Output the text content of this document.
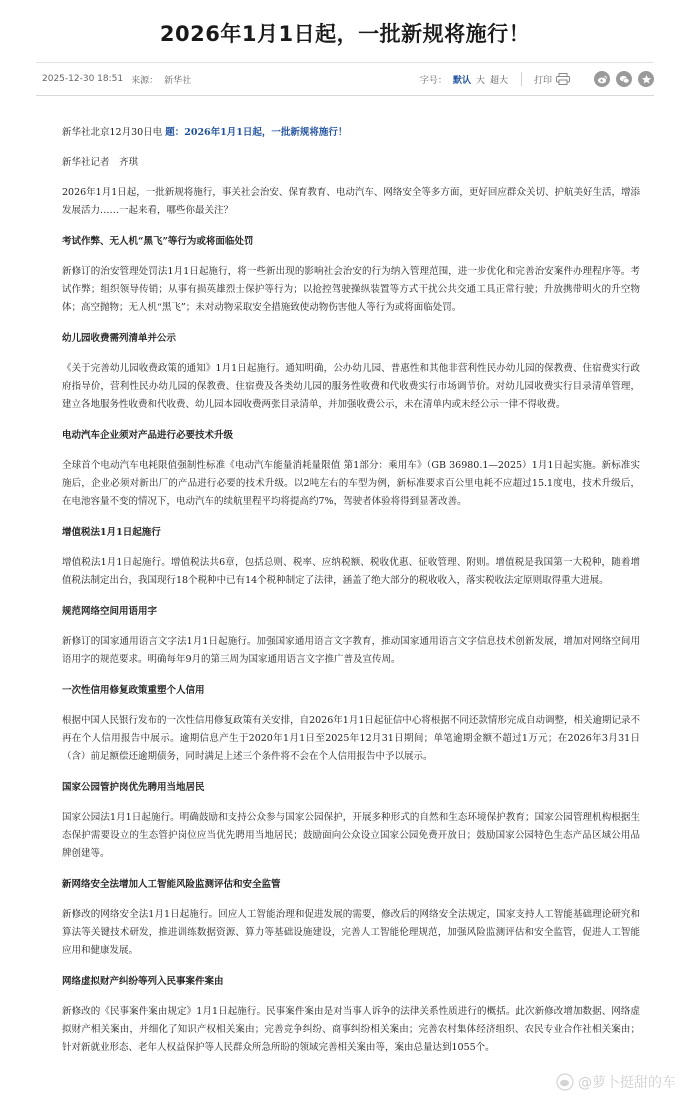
2026年1月1日起，一批新规将施行！
2025-12-30 18:51 来源： 新华社	字号： 默认 大 超大	打印

新华社北京12月30日电 题：2026年1月1日起，一批新规将施行！

新华社记者　齐琪

2026年1月1日起，一批新规将施行，事关社会治安、保育教育、电动汽车、网络安全等多方面，更好回应群众关切、护航美好生活，增添发展活力……一起来看，哪些你最关注？

考试作弊、无人机“黑飞”等行为或将面临处罚

新修订的治安管理处罚法1月1日起施行，将一些新出现的影响社会治安的行为纳入管理范围，进一步优化和完善治安案件办理程序等。考试作弊；组织领导传销；从事有损英雄烈士保护等行为；以抢控驾驶操纵装置等方式干扰公共交通工具正常行驶；升放携带明火的升空物体；高空抛物；无人机“黑飞”；未对动物采取安全措施致使动物伤害他人等行为或将面临处罚。

幼儿园收费需列清单并公示

《关于完善幼儿园收费政策的通知》1月1日起施行。通知明确，公办幼儿园、普惠性和其他非营利性民办幼儿园的保教费、住宿费实行政府指导价，营利性民办幼儿园的保教费、住宿费及各类幼儿园的服务性收费和代收费实行市场调节价。对幼儿园收费实行目录清单管理，建立各地服务性收费和代收费、幼儿园本园收费两张目录清单，并加强收费公示，未在清单内或未经公示一律不得收费。

电动汽车企业须对产品进行必要技术升级

全球首个电动汽车电耗限值强制性标准《电动汽车能量消耗量限值 第1部分：乘用车》（GB 36980.1—2025）1月1日起实施。新标准实施后，企业必须对新出厂的产品进行必要的技术升级。以2吨左右的车型为例，新标准要求百公里电耗不应超过15.1度电，技术升级后，在电池容量不变的情况下，电动汽车的续航里程平均将提高约7%，驾驶者体验将得到显著改善。

增值税法1月1日起施行

增值税法1月1日起施行。增值税法共6章，包括总则、税率、应纳税额、税收优惠、征收管理、附则。增值税是我国第一大税种，随着增值税法制定出台，我国现行18个税种中已有14个税种制定了法律，涵盖了绝大部分的税收收入，落实税收法定原则取得重大进展。

规范网络空间用语用字

新修订的国家通用语言文字法1月1日起施行。加强国家通用语言文字教育，推动国家通用语言文字信息技术创新发展，增加对网络空间用语用字的规范要求。明确每年9月的第三周为国家通用语言文字推广普及宣传周。

一次性信用修复政策重塑个人信用

根据中国人民银行发布的一次性信用修复政策有关安排，自2026年1月1日起征信中心将根据不同还款情形完成自动调整，相关逾期记录不再在个人信用报告中展示。逾期信息产生于2020年1月1日至2025年12月31日期间；单笔逾期金额不超过1万元；在2026年3月31日（含）前足额偿还逾期债务，同时满足上述三个条件将不会在个人信用报告中予以展示。

国家公园管护岗优先聘用当地居民

国家公园法1月1日起施行。明确鼓励和支持公众参与国家公园保护，开展多种形式的自然和生态环境保护教育；国家公园管理机构根据生态保护需要设立的生态管护岗位应当优先聘用当地居民；鼓励面向公众设立国家公园免费开放日；鼓励国家公园特色生态产品区域公用品牌创建等。

新网络安全法增加人工智能风险监测评估和安全监管

新修改的网络安全法1月1日起施行。回应人工智能治理和促进发展的需要，修改后的网络安全法规定，国家支持人工智能基础理论研究和算法等关键技术研发，推进训练数据资源、算力等基础设施建设，完善人工智能伦理规范，加强风险监测评估和安全监管，促进人工智能应用和健康发展。

网络虚拟财产纠纷等列入民事案件案由

新修改的《民事案件案由规定》1月1日起施行。民事案件案由是对当事人诉争的法律关系性质进行的概括。此次新修改增加数据、网络虚拟财产相关案由，并细化了知识产权相关案由；完善竞争纠纷、商事纠纷相关案由；完善农村集体经济组织、农民专业合作社相关案由；针对新就业形态、老年人权益保护等人民群众所急所盼的领域完善相关案由等，案由总量达到1055个。

@萝卜挺甜的车
